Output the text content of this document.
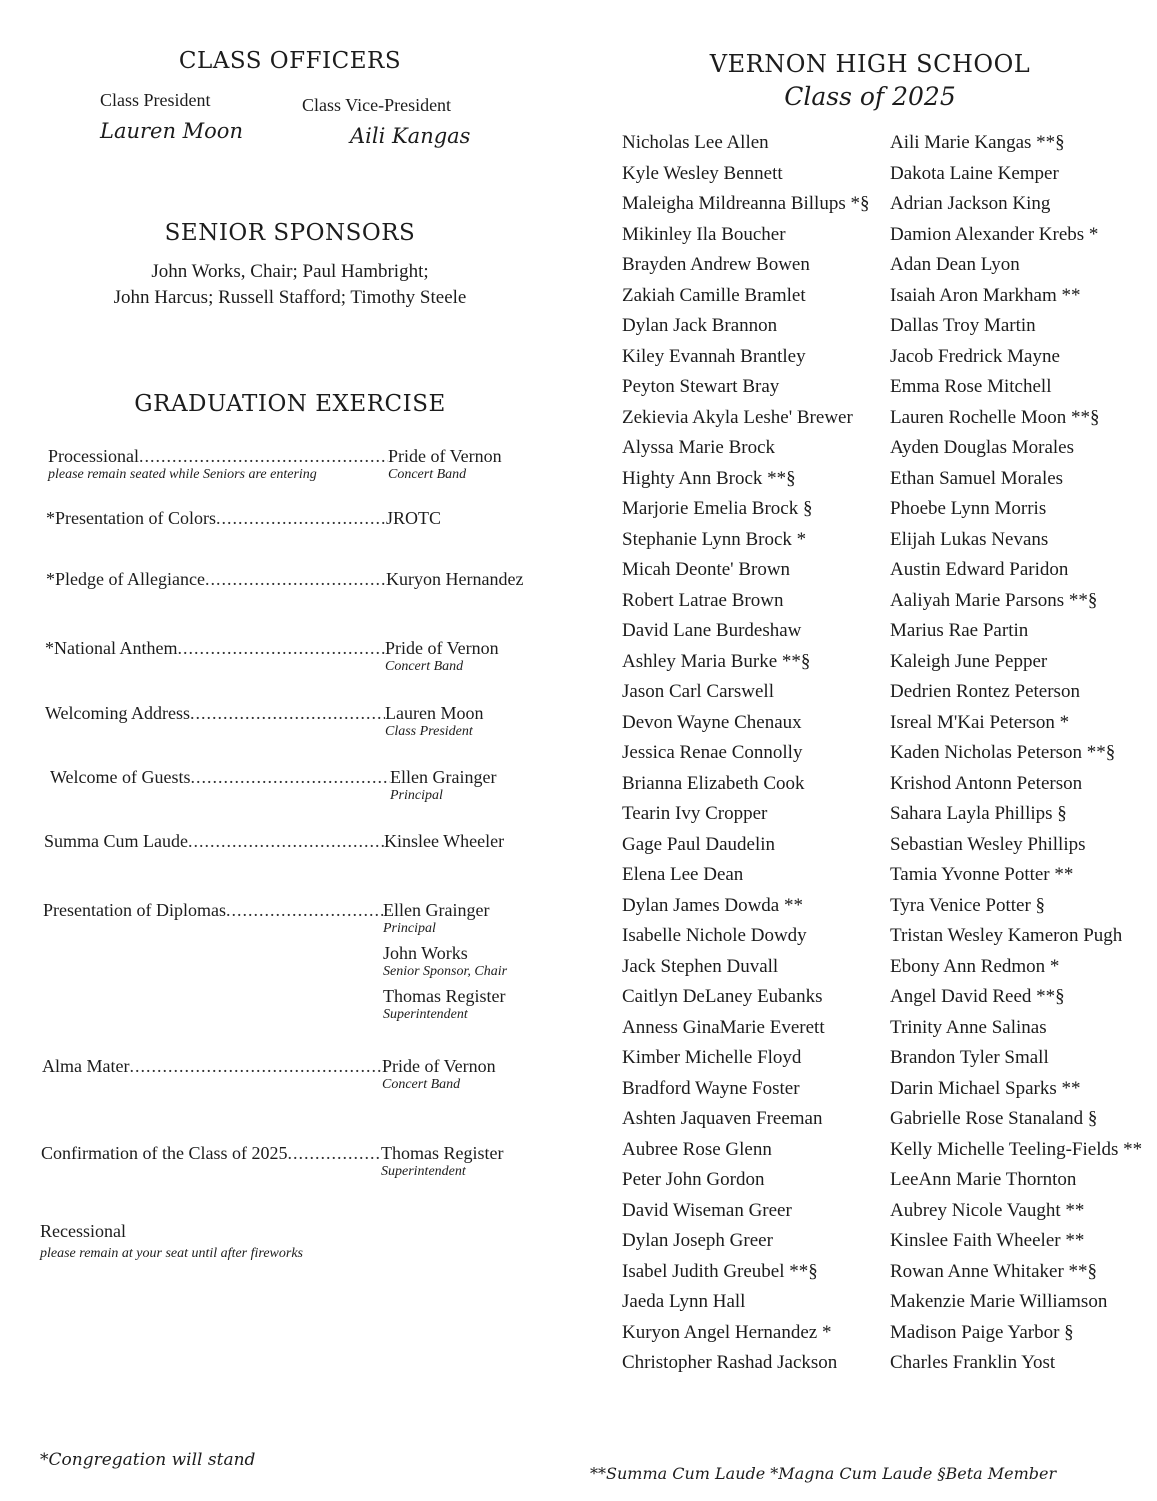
CLASS OFFICERS
Class President
Lauren Moon
Class Vice-President
Aili Kangas
SENIOR SPONSORS
John Works, Chair; Paul Hambright;
John Harcus; Russell Stafford; Timothy Steele
GRADUATION EXERCISE
Processional .....	Pride of Vernon
please remain seated while Seniors are entering	Concert Band
*Presentation of Colors .....	JROTC
*Pledge of Allegiance .....	Kuryon Hernandez
*National Anthem .....	Pride of Vernon
Concert Band
Welcoming Address .....	Lauren Moon
Class President
Welcome of Guests .....	Ellen Grainger
Principal
Summa Cum Laude .....	Kinslee Wheeler
Presentation of Diplomas .....	Ellen Grainger
Principal
John Works
Senior Sponsor, Chair
Thomas Register
Superintendent
Alma Mater .....	Pride of Vernon
Concert Band
Confirmation of the Class of 2025 .....	Thomas Register
Superintendent
Recessional
please remain at your seat until after fireworks
VERNON HIGH SCHOOL
Class of 2025
Nicholas Lee Allen
Kyle Wesley Bennett
Maleigha Mildreanna Billups *§
Mikinley Ila Boucher
Brayden Andrew Bowen
Zakiah Camille Bramlet
Dylan Jack Brannon
Kiley Evannah Brantley
Peyton Stewart Bray
Zekievia Akyla Leshe' Brewer
Alyssa Marie Brock
Highty Ann Brock **§
Marjorie Emelia Brock §
Stephanie Lynn Brock *
Micah Deonte' Brown
Robert Latrae Brown
David Lane Burdeshaw
Ashley Maria Burke **§
Jason Carl Carswell
Devon Wayne Chenaux
Jessica Renae Connolly
Brianna Elizabeth Cook
Tearin Ivy Cropper
Gage Paul Daudelin
Elena Lee Dean
Dylan James Dowda **
Isabelle Nichole Dowdy
Jack Stephen Duvall
Caitlyn DeLaney Eubanks
Anness GinaMarie Everett
Kimber Michelle Floyd
Bradford Wayne Foster
Ashten Jaquaven Freeman
Aubree Rose Glenn
Peter John Gordon
David Wiseman Greer
Dylan Joseph Greer
Isabel Judith Greubel **§
Jaeda Lynn Hall
Kuryon Angel Hernandez *
Christopher Rashad Jackson
Aili Marie Kangas **§
Dakota Laine Kemper
Adrian Jackson King
Damion Alexander Krebs *
Adan Dean Lyon
Isaiah Aron Markham **
Dallas Troy Martin
Jacob Fredrick Mayne
Emma Rose Mitchell
Lauren Rochelle Moon **§
Ayden Douglas Morales
Ethan Samuel Morales
Phoebe Lynn Morris
Elijah Lukas Nevans
Austin Edward Paridon
Aaliyah Marie Parsons **§
Marius Rae Partin
Kaleigh June Pepper
Dedrien Rontez Peterson
Isreal M'Kai Peterson *
Kaden Nicholas Peterson **§
Krishod Antonn Peterson
Sahara Layla Phillips §
Sebastian Wesley Phillips
Tamia Yvonne Potter **
Tyra Venice Potter §
Tristan Wesley Kameron Pugh
Ebony Ann Redmon *
Angel David Reed **§
Trinity Anne Salinas
Brandon Tyler Small
Darin Michael Sparks **
Gabrielle Rose Stanaland §
Kelly Michelle Teeling-Fields **
LeeAnn Marie Thornton
Aubrey Nicole Vaught **
Kinslee Faith Wheeler **
Rowan Anne Whitaker **§
Makenzie Marie Williamson
Madison Paige Yarbor §
Charles Franklin Yost
*Congregation will stand
**Summa Cum Laude *Magna Cum Laude §Beta Member
